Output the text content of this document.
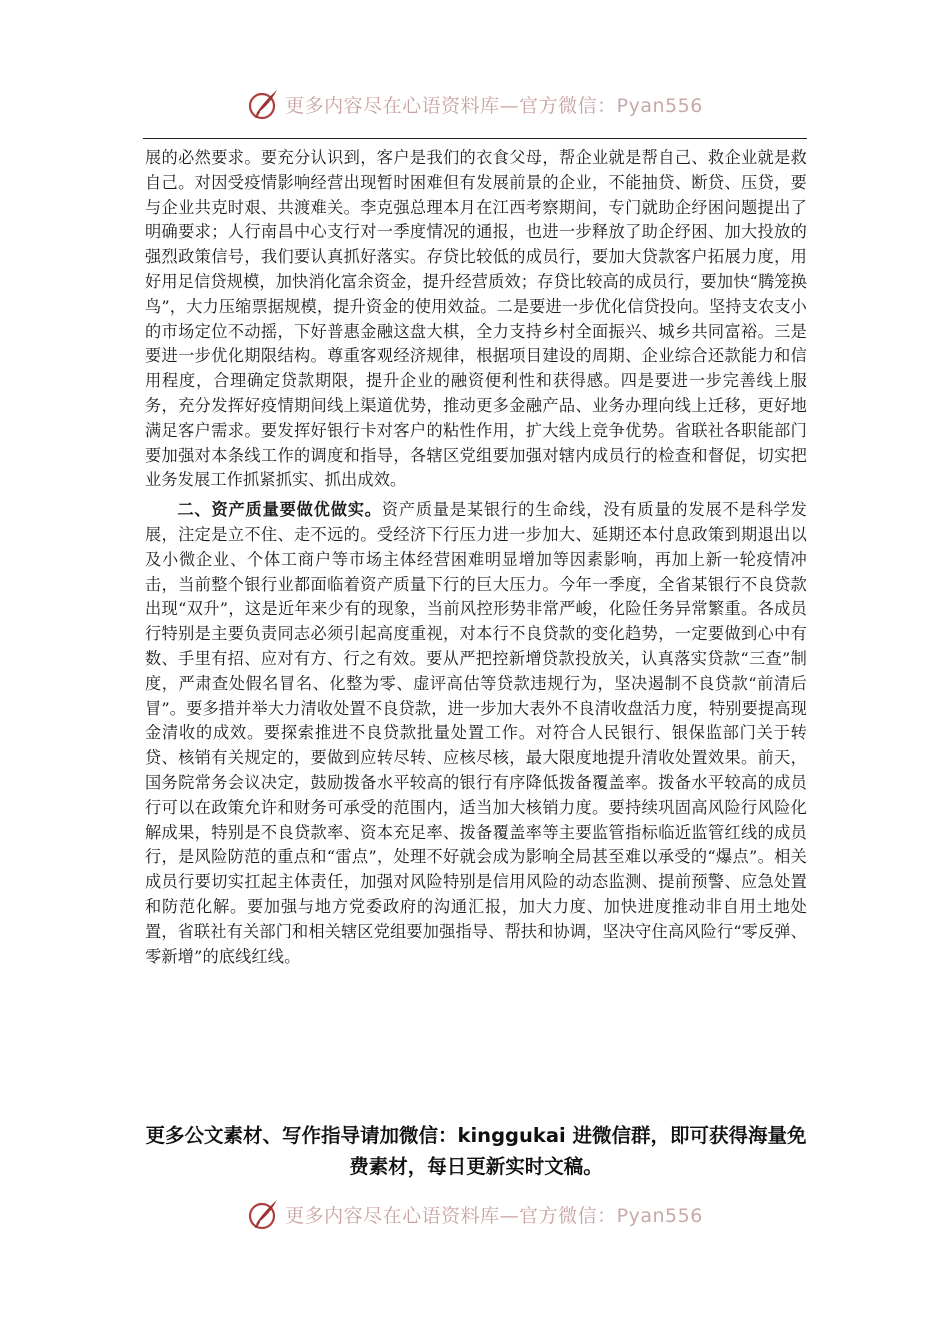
更多内容尽在心语资料库—官方微信：Pyan556

展的必然要求。要充分认识到，客户是我们的衣食父母，帮企业就是帮自己、救企业就是救自己。对因受疫情影响经营出现暂时困难但有发展前景的企业，不能抽贷、断贷、压贷，要与企业共克时艰、共渡难关。李克强总理本月在江西考察期间，专门就助企纾困问题提出了明确要求；人行南昌中心支行对一季度情况的通报，也进一步释放了助企纾困、加大投放的强烈政策信号，我们要认真抓好落实。存贷比较低的成员行，要加大贷款客户拓展力度，用好用足信贷规模，加快消化富余资金，提升经营质效；存贷比较高的成员行，要加快“腾笼换鸟”，大力压缩票据规模，提升资金的使用效益。二是要进一步优化信贷投向。坚持支农支小的市场定位不动摇，下好普惠金融这盘大棋，全力支持乡村全面振兴、城乡共同富裕。三是要进一步优化期限结构。尊重客观经济规律，根据项目建设的周期、企业综合还款能力和信用程度，合理确定贷款期限，提升企业的融资便利性和获得感。四是要进一步完善线上服务，充分发挥好疫情期间线上渠道优势，推动更多金融产品、业务办理向线上迁移，更好地满足客户需求。要发挥好银行卡对客户的粘性作用，扩大线上竞争优势。省联社各职能部门要加强对本条线工作的调度和指导，各辖区党组要加强对辖内成员行的检查和督促，切实把业务发展工作抓紧抓实、抓出成效。

二、资产质量要做优做实。资产质量是某银行的生命线，没有质量的发展不是科学发展，注定是立不住、走不远的。受经济下行压力进一步加大、延期还本付息政策到期退出以及小微企业、个体工商户等市场主体经营困难明显增加等因素影响，再加上新一轮疫情冲击，当前整个银行业都面临着资产质量下行的巨大压力。今年一季度，全省某银行不良贷款出现“双升”，这是近年来少有的现象，当前风控形势非常严峻，化险任务异常繁重。各成员行特别是主要负责同志必须引起高度重视，对本行不良贷款的变化趋势，一定要做到心中有数、手里有招、应对有方、行之有效。要从严把控新增贷款投放关，认真落实贷款“三查”制度，严肃查处假名冒名、化整为零、虚评高估等贷款违规行为，坚决遏制不良贷款“前清后冒”。要多措并举大力清收处置不良贷款，进一步加大表外不良清收盘活力度，特别要提高现金清收的成效。要探索推进不良贷款批量处置工作。对符合人民银行、银保监部门关于转贷、核销有关规定的，要做到应转尽转、应核尽核，最大限度地提升清收处置效果。前天，国务院常务会议决定，鼓励拨备水平较高的银行有序降低拨备覆盖率。拨备水平较高的成员行可以在政策允许和财务可承受的范围内，适当加大核销力度。要持续巩固高风险行风险化解成果，特别是不良贷款率、资本充足率、拨备覆盖率等主要监管指标临近监管红线的成员行，是风险防范的重点和“雷点”，处理不好就会成为影响全局甚至难以承受的“爆点”。相关成员行要切实扛起主体责任，加强对风险特别是信用风险的动态监测、提前预警、应急处置和防范化解。要加强与地方党委政府的沟通汇报，加大力度、加快进度推动非自用土地处置，省联社有关部门和相关辖区党组要加强指导、帮扶和协调，坚决守住高风险行“零反弹、零新增”的底线红线。

更多公文素材、写作指导请加微信：kinggukai 进微信群，即可获得海量免费素材，每日更新实时文稿。
更多内容尽在心语资料库—官方微信：Pyan556
